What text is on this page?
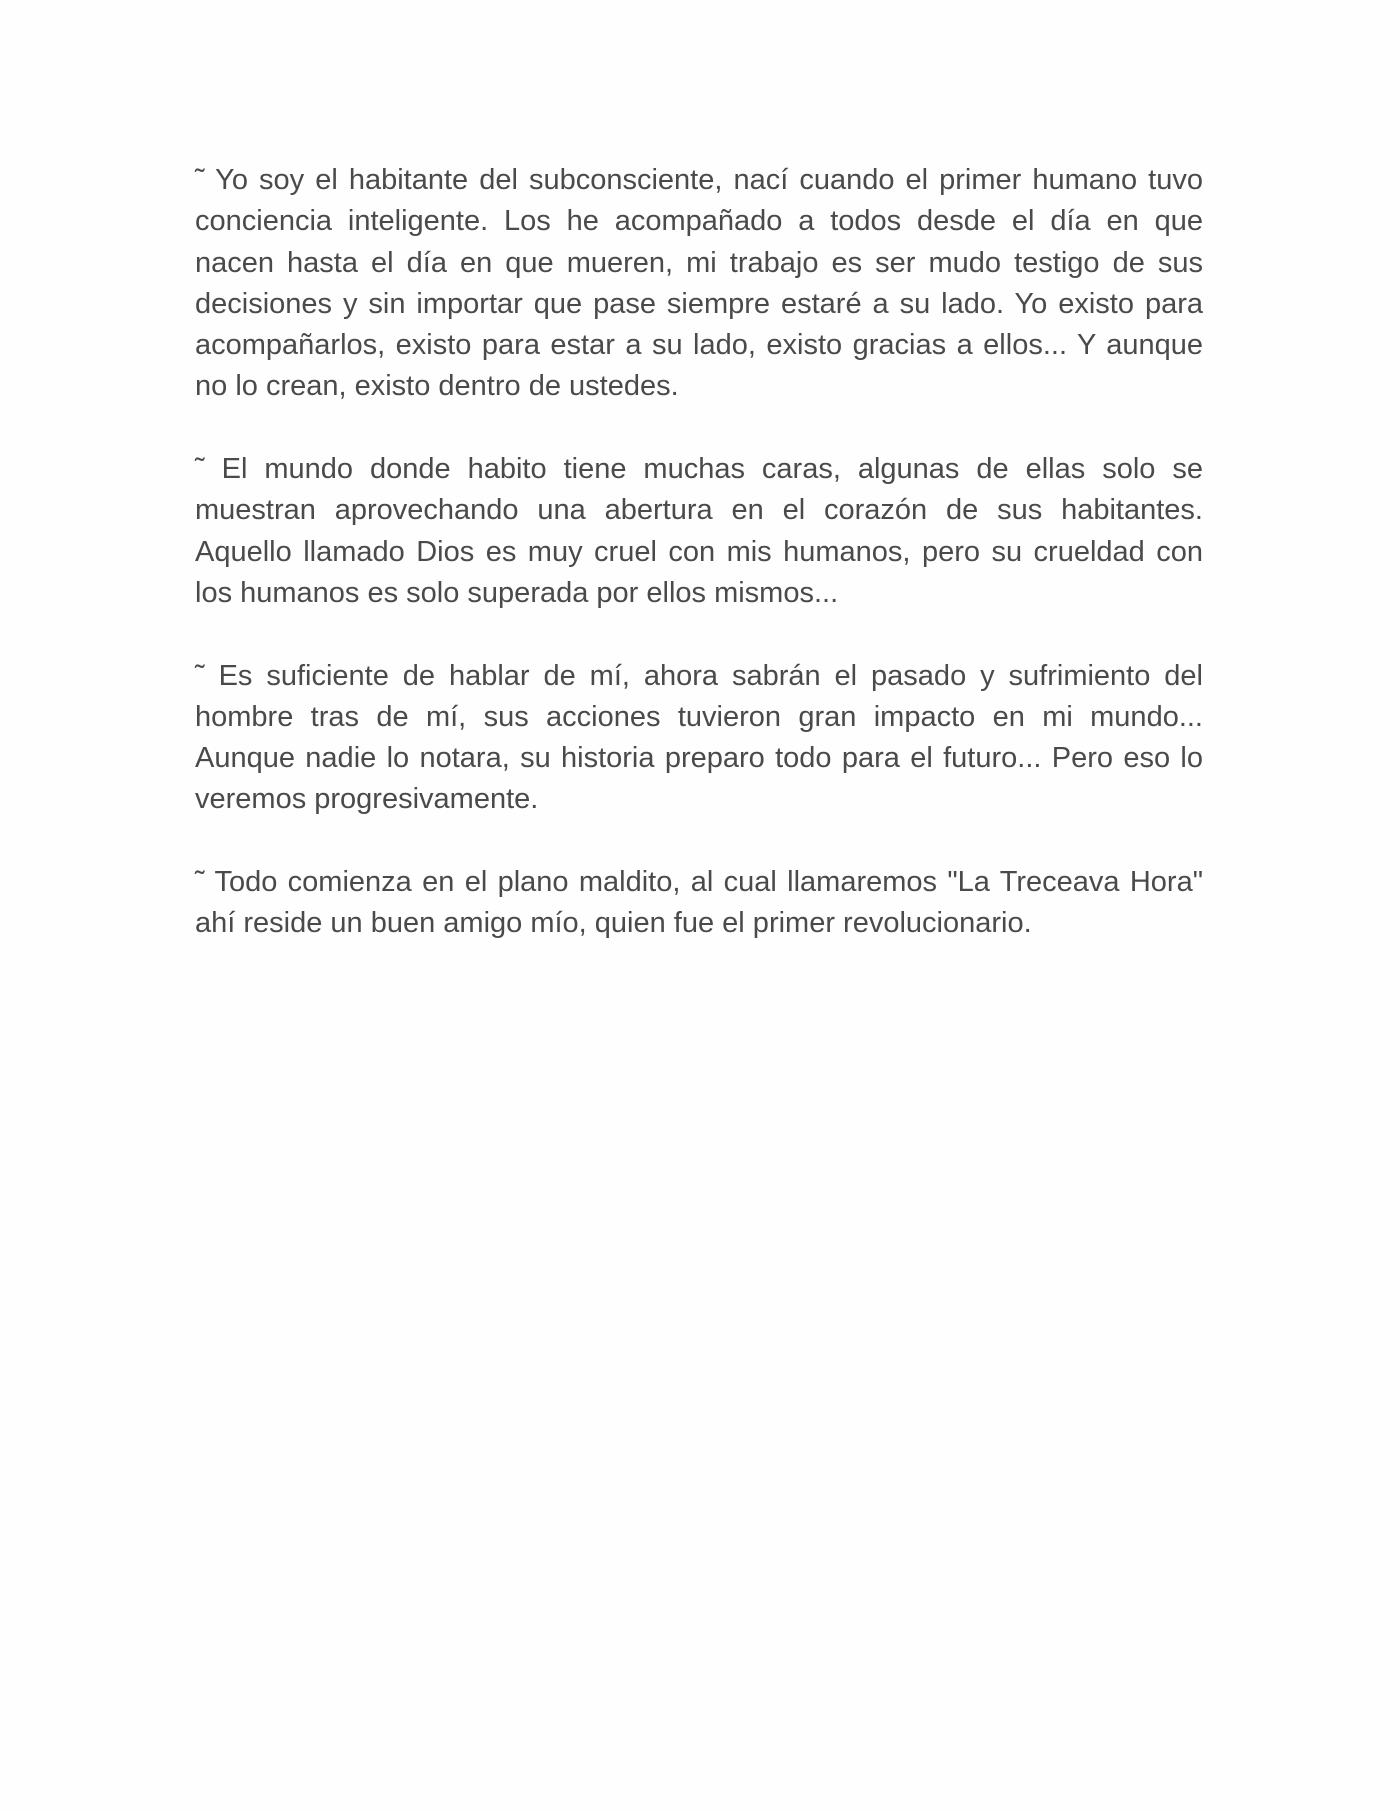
˜ Yo soy el habitante del subconsciente, nací cuando el primer humano tuvo conciencia inteligente. Los he acompañado a todos desde el día en que nacen hasta el día en que mueren, mi trabajo es ser mudo testigo de sus decisiones y sin importar que pase siempre estaré a su lado. Yo existo para acompañarlos, existo para estar a su lado, existo gracias a ellos... Y aunque no lo crean, existo dentro de ustedes.

˜ El mundo donde habito tiene muchas caras, algunas de ellas solo se muestran aprovechando una abertura en el corazón de sus habitantes. Aquello llamado Dios es muy cruel con mis humanos, pero su crueldad con los humanos es solo superada por ellos mismos...

˜ Es suficiente de hablar de mí, ahora sabrán el pasado y sufrimiento del hombre tras de mí, sus acciones tuvieron gran impacto en mi mundo... Aunque nadie lo notara, su historia preparo todo para el futuro... Pero eso lo veremos progresivamente.

˜ Todo comienza en el plano maldito, al cual llamaremos "La Treceava Hora" ahí reside un buen amigo mío, quien fue el primer revolucionario.
